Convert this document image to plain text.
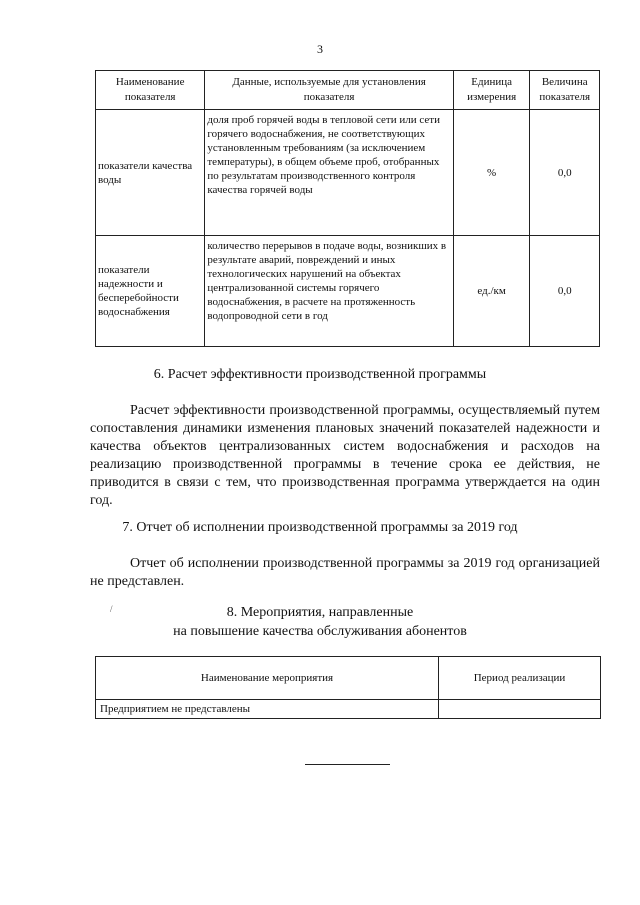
3
Наименование показателя	Данные, используемые для установления показателя	Единица измерения	Величина показателя
показатели качества воды	доля проб горячей воды в тепловой сети или сети горячего водоснабжения, не соответствующих установленным требованиям (за исключением температуры), в общем объеме проб, отобранных по результатам производственного контроля качества горячей воды	%	0,0
показатели надежности и бесперебойности водоснабжения	количество перерывов в подаче воды, возникших в результате аварий, повреждений и иных технологических нарушений на объектах централизованной системы горячего водоснабжения, в расчете на протяженность водопроводной сети в год	ед./км	0,0
6. Расчет эффективности производственной программы
Расчет эффективности производственной программы, осуществляемый путем сопоставления динамики изменения плановых значений показателей надежности и качества объектов централизованных систем водоснабжения и расходов на реализацию производственной программы в течение срока ее действия, не приводится в связи с тем, что производственная программа утверждается на один год.
7. Отчет об исполнении производственной программы за 2019 год
Отчет об исполнении производственной программы за 2019 год организацией не представлен.
/	8. Мероприятия, направленные
на повышение качества обслуживания абонентов
Наименование мероприятия	Период реализации
Предприятием не представлены	
